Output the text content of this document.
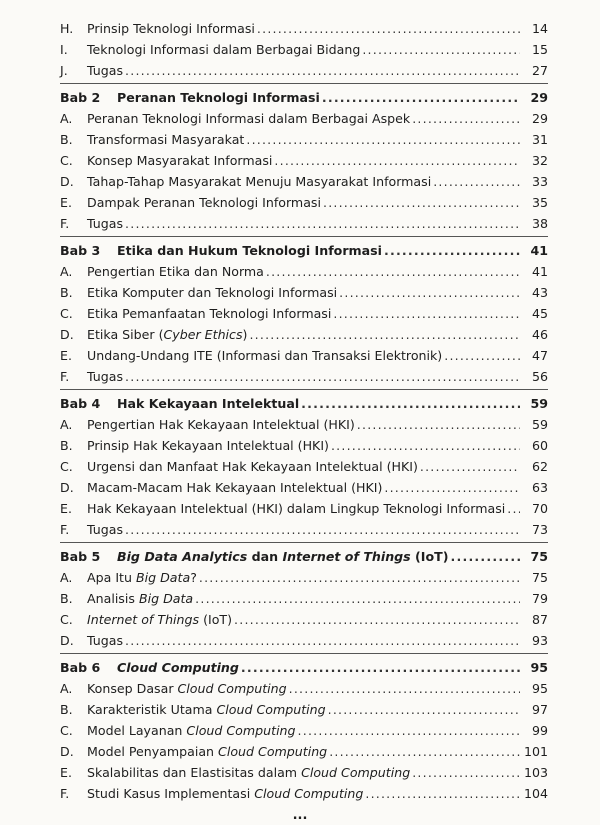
H.	Prinsip Teknologi Informasi .....	14
I.	Teknologi Informasi dalam Berbagai Bidang .....	15
J.	Tugas .....	27
Bab 2	Peranan Teknologi Informasi .....	29
A.	Peranan Teknologi Informasi dalam Berbagai Aspek .....	29
B.	Transformasi Masyarakat .....	31
C.	Konsep Masyarakat Informasi .....	32
D.	Tahap-Tahap Masyarakat Menuju Masyarakat Informasi .....	33
E.	Dampak Peranan Teknologi Informasi .....	35
F.	Tugas .....	38
Bab 3	Etika dan Hukum Teknologi Informasi .....	41
A.	Pengertian Etika dan Norma .....	41
B.	Etika Komputer dan Teknologi Informasi .....	43
C.	Etika Pemanfaatan Teknologi Informasi .....	45
D.	Etika Siber (Cyber Ethics) .....	46
E.	Undang-Undang ITE (Informasi dan Transaksi Elektronik) .....	47
F.	Tugas .....	56
Bab 4	Hak Kekayaan Intelektual .....	59
A.	Pengertian Hak Kekayaan Intelektual (HKI) .....	59
B.	Prinsip Hak Kekayaan Intelektual (HKI) .....	60
C.	Urgensi dan Manfaat Hak Kekayaan Intelektual (HKI) .....	62
D.	Macam-Macam Hak Kekayaan Intelektual (HKI) .....	63
E.	Hak Kekayaan Intelektual (HKI) dalam Lingkup Teknologi Informasi .....	70
F.	Tugas .....	73
Bab 5	Big Data Analytics dan Internet of Things (IoT) .....	75
A.	Apa Itu Big Data? .....	75
B.	Analisis Big Data .....	79
C.	Internet of Things (IoT) .....	87
D.	Tugas .....	93
Bab 6	Cloud Computing .....	95
A.	Konsep Dasar Cloud Computing .....	95
B.	Karakteristik Utama Cloud Computing .....	97
C.	Model Layanan Cloud Computing .....	99
D.	Model Penyampaian Cloud Computing .....	101
E.	Skalabilitas dan Elastisitas dalam Cloud Computing .....	103
F.	Studi Kasus Implementasi Cloud Computing .....	104
...
